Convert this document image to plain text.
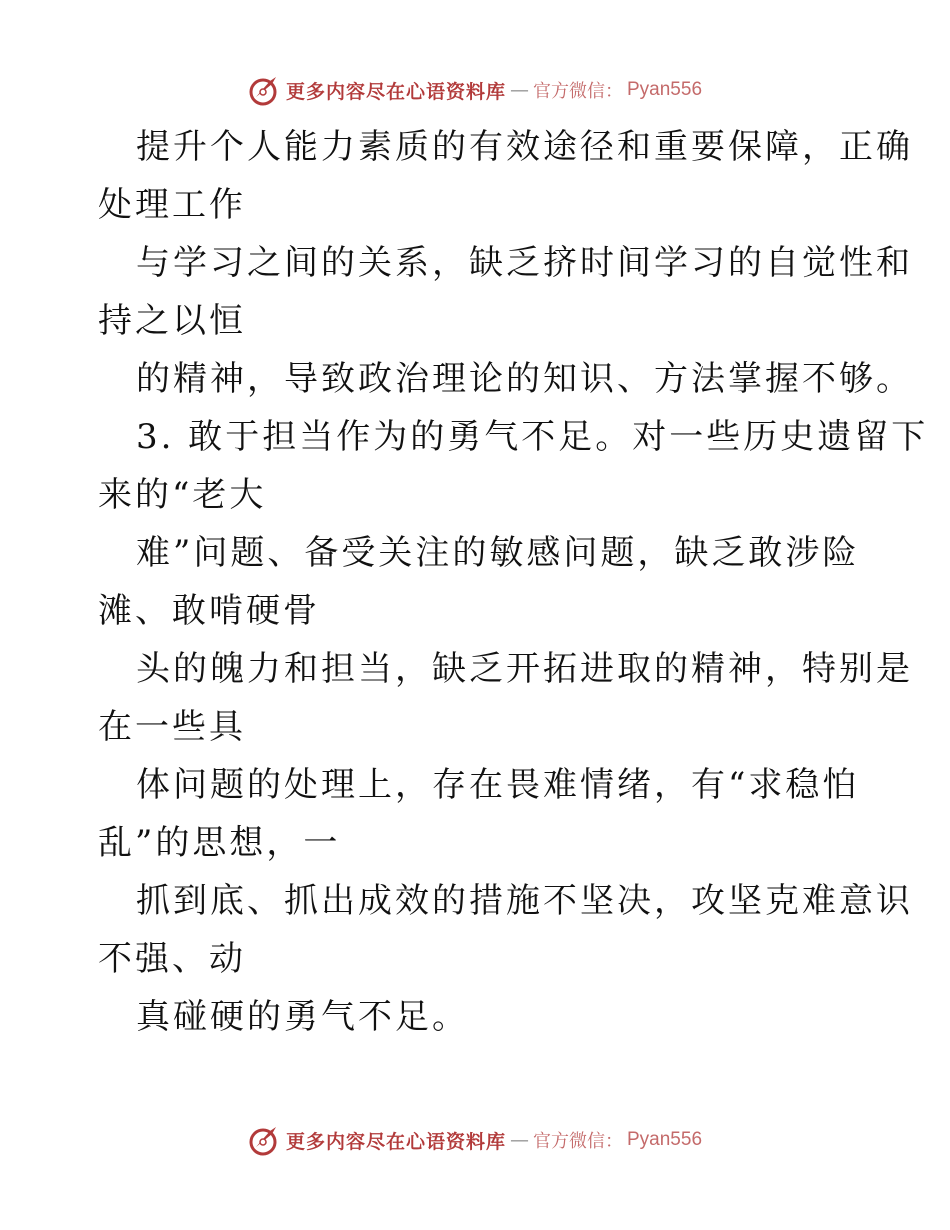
更多内容尽在心语资料库 — 官方微信： Pyan556
提升个人能力素质的有效途径和重要保障，正确
处理工作
与学习之间的关系，缺乏挤时间学习的自觉性和
持之以恒
的精神，导致政治理论的知识、方法掌握不够。
3. 敢于担当作为的勇气不足。对一些历史遗留下
来的“老大
难”问题、备受关注的敏感问题，缺乏敢涉险
滩、敢啃硬骨
头的魄力和担当，缺乏开拓进取的精神，特别是
在一些具
体问题的处理上，存在畏难情绪，有“求稳怕
乱”的思想，一
抓到底、抓出成效的措施不坚决，攻坚克难意识
不强、动
真碰硬的勇气不足。
更多内容尽在心语资料库 — 官方微信： Pyan556
